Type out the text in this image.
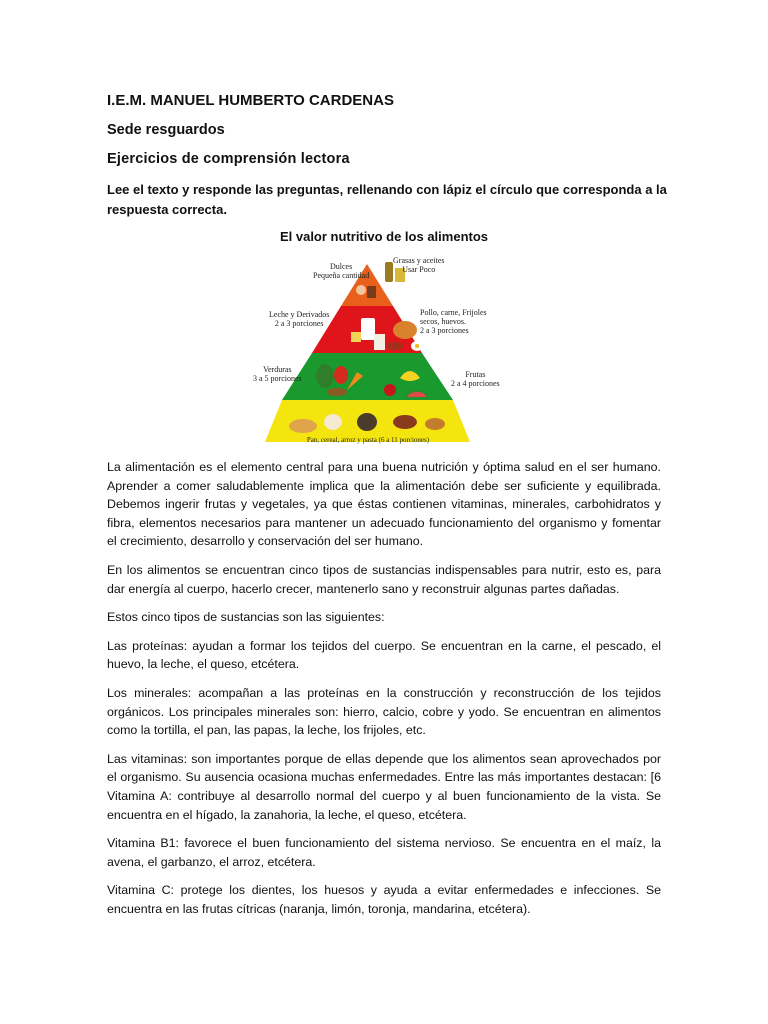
I.E.M. MANUEL HUMBERTO CARDENAS
Sede resguardos
Ejercicios de comprensión lectora
Lee el texto y responde las preguntas, rellenando con lápiz el círculo que corresponda a la respuesta correcta.
El valor nutritivo de los alimentos
Dulces
Pequeña cantidad
Grasas y aceites
Usar Poco
Leche y Derivados
2 a 3 porciones
Pollo, carne, Frijoles
secos, huevos.
2 a 3 porciones
Verduras
3 a 5 porciones	Frutas
2 a 4 porciones
Pan, cereal, arroz y pasta (6 a 11 porciones)

La alimentación es el elemento central para una buena nutrición y óptima salud en el ser humano. Aprender a comer saludablemente implica que la alimentación debe ser suficiente y equilibrada. Debemos ingerir frutas y vegetales, ya que éstas contienen vitaminas, minerales, carbohidratos y fibra, elementos necesarios para mantener un adecuado funcionamiento del organismo y fomentar el crecimiento, desarrollo y conservación del ser humano.

En los alimentos se encuentran cinco tipos de sustancias indispensables para nutrir, esto es, para dar energía al cuerpo, hacerlo crecer, mantenerlo sano y reconstruir algunas partes dañadas.

Estos cinco tipos de sustancias son las siguientes:

Las proteínas: ayudan a formar los tejidos del cuerpo. Se encuentran en la carne, el pescado, el huevo, la leche, el queso, etcétera.

Los minerales: acompañan a las proteínas en la construcción y reconstrucción de los tejidos orgánicos. Los principales minerales son: hierro, calcio, cobre y yodo. Se encuentran en alimentos como la tortilla, el pan, las papas, la leche, los frijoles, etc.

Las vitaminas: son importantes porque de ellas depende que los alimentos sean aprovechados por el organismo. Su ausencia ocasiona muchas enfermedades. Entre las más importantes destacan: [6 Vitamina A: contribuye al desarrollo normal del cuerpo y al buen funcionamiento de la vista. Se encuentra en el hígado, la zanahoria, la leche, el queso, etcétera.

Vitamina B1: favorece el buen funcionamiento del sistema nervioso. Se encuentra en el maíz, la avena, el garbanzo, el arroz, etcétera.

Vitamina C: protege los dientes, los huesos y ayuda a evitar enfermedades e infecciones. Se encuentra en las frutas cítricas (naranja, limón, toronja, mandarina, etcétera).
